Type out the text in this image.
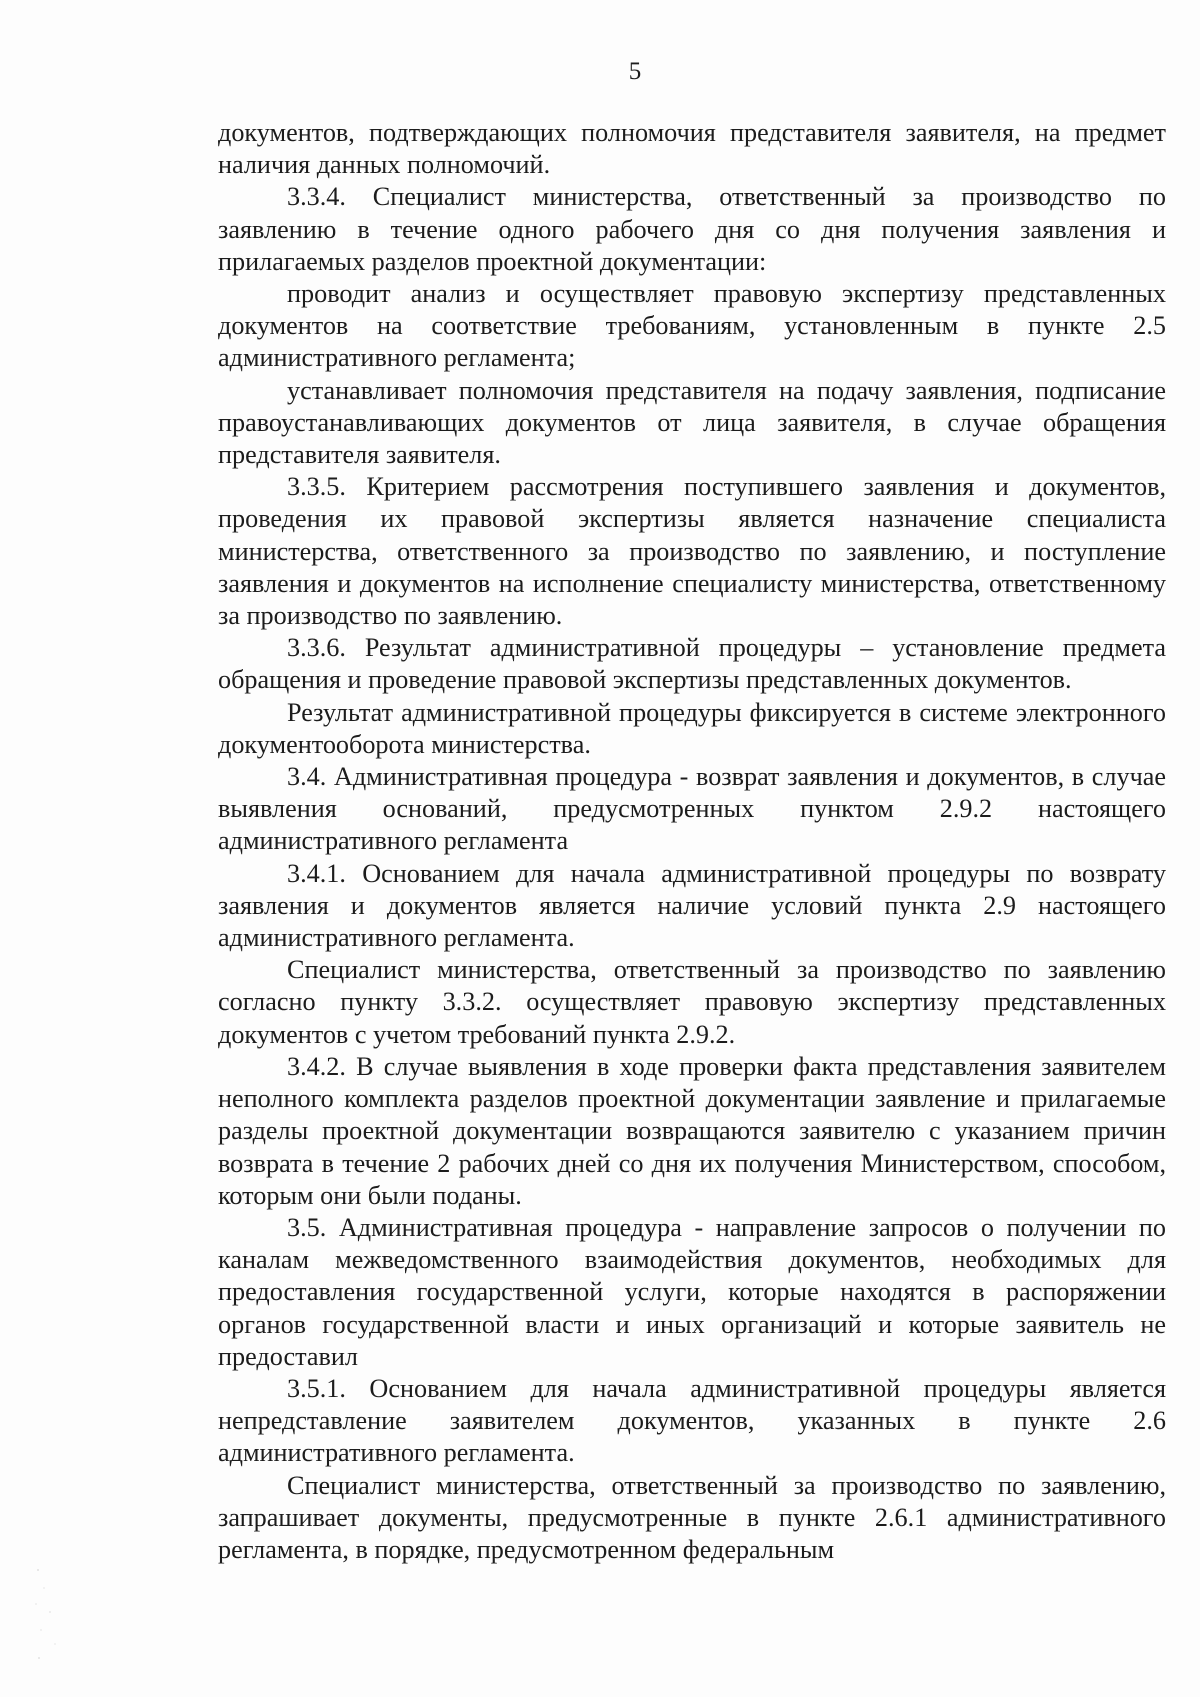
5

документов, подтверждающих полномочия представителя заявителя, на предмет наличия данных полномочий.

3.3.4. Специалист министерства, ответственный за производство по заявлению в течение одного рабочего дня со дня получения заявления и прилагаемых разделов проектной документации:

проводит анализ и осуществляет правовую экспертизу представленных документов на соответствие требованиям, установленным в пункте 2.5 административного регламента;

устанавливает полномочия представителя на подачу заявления, подписание правоустанавливающих документов от лица заявителя, в случае обращения представителя заявителя.

3.3.5. Критерием рассмотрения поступившего заявления и документов, проведения их правовой экспертизы является назначение специалиста министерства, ответственного за производство по заявлению, и поступление заявления и документов на исполнение специалисту министерства, ответственному за производство по заявлению.

3.3.6. Результат административной процедуры – установление предмета обращения и проведение правовой экспертизы представленных документов.

Результат административной процедуры фиксируется в системе электронного документооборота министерства.

3.4. Административная процедура - возврат заявления и документов, в случае выявления оснований, предусмотренных пунктом 2.9.2 настоящего административного регламента

3.4.1. Основанием для начала административной процедуры по возврату заявления и документов является наличие условий пункта 2.9 настоящего административного регламента.

Специалист министерства, ответственный за производство по заявлению согласно пункту 3.3.2. осуществляет правовую экспертизу представленных документов с учетом требований пункта 2.9.2.

3.4.2. В случае выявления в ходе проверки факта представления заявителем неполного комплекта разделов проектной документации заявление и прилагаемые разделы проектной документации возвращаются заявителю с указанием причин возврата в течение 2 рабочих дней со дня их получения Министерством, способом, которым они были поданы.

3.5. Административная процедура - направление запросов о получении по каналам межведомственного взаимодействия документов, необходимых для предоставления государственной услуги, которые находятся в распоряжении органов государственной власти и иных организаций и которые заявитель не предоставил

3.5.1. Основанием для начала административной процедуры является непредставление заявителем документов, указанных в пункте 2.6 административного регламента.

Специалист министерства, ответственный за производство по заявлению, запрашивает документы, предусмотренные в пункте 2.6.1 административного регламента, в порядке, предусмотренном федеральным
